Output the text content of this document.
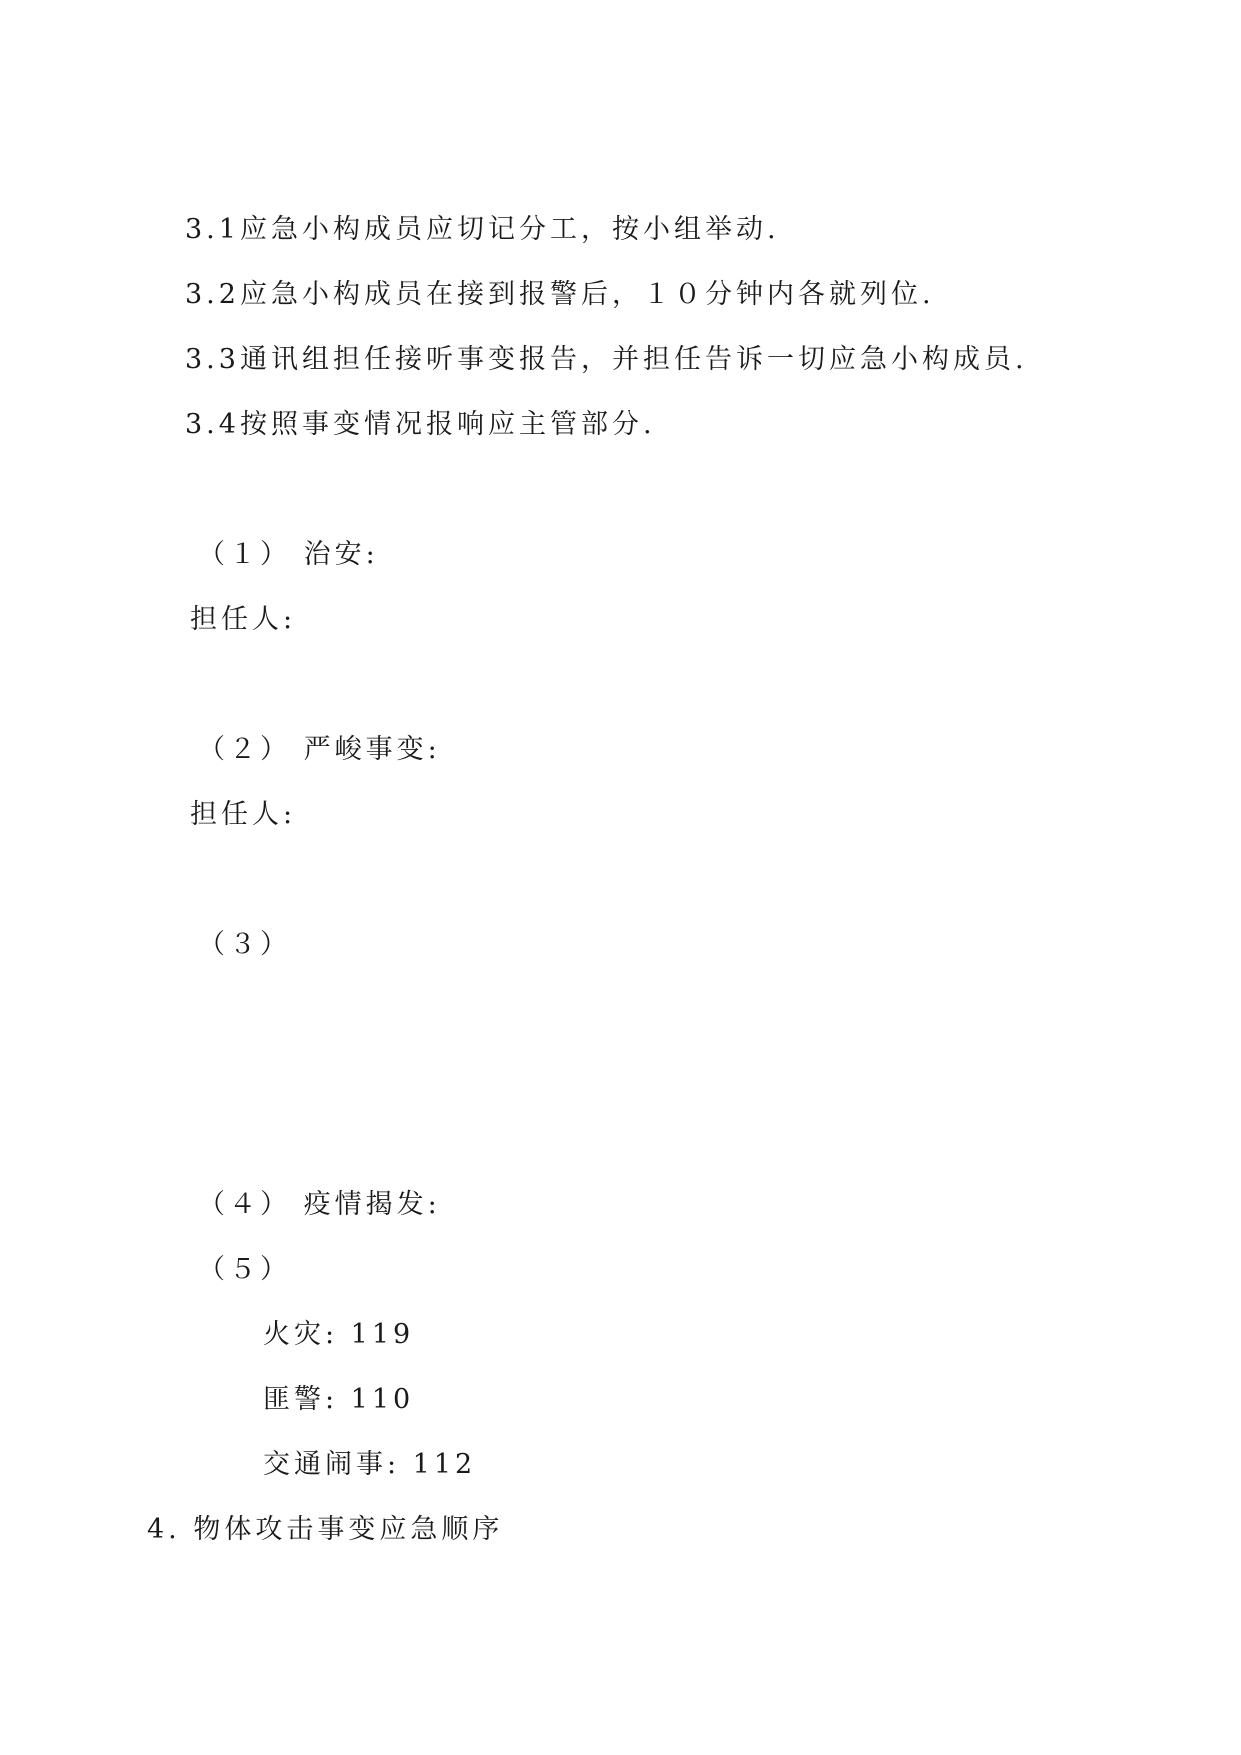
3.1应急小构成员应切记分工，按小组举动.
3.2应急小构成员在接到报警后，１０分钟内各就列位.
3.3通讯组担任接听事变报告，并担任告诉一切应急小构成员.
3.4按照事变情况报响应主管部分.
（１） 治安:
担任人:
（２） 严峻事变:
担任人:
（３）
（４） 疫情揭发:
（５）
火灾: 119
匪警: 110
交通闹事: 112
4. 物体攻击事变应急顺序
